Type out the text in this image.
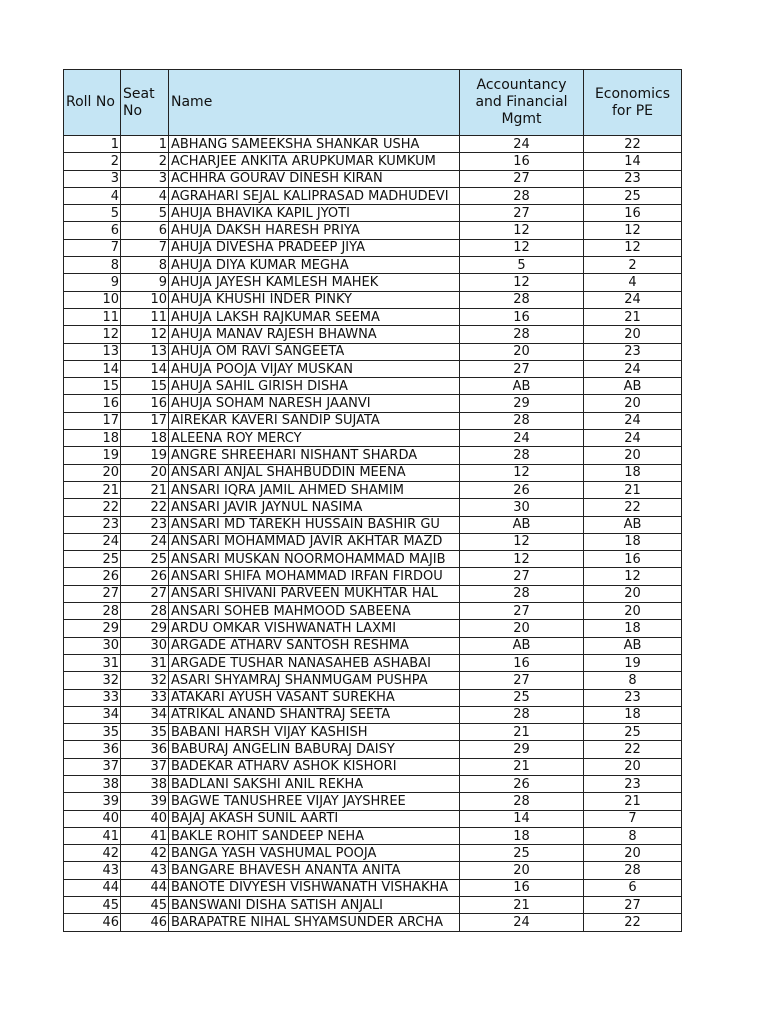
Roll No	Seat No	Name	Accountancy and Financial Mgmt	Economics for PE
1	1	ABHANG SAMEEKSHA SHANKAR USHA	24	22
2	2	ACHARJEE ANKITA ARUPKUMAR KUMKUM	16	14
3	3	ACHHRA GOURAV DINESH KIRAN	27	23
4	4	AGRAHARI SEJAL KALIPRASAD MADHUDEVI	28	25
5	5	AHUJA BHAVIKA KAPIL JYOTI	27	16
6	6	AHUJA DAKSH HARESH PRIYA	12	12
7	7	AHUJA DIVESHA PRADEEP JIYA	12	12
8	8	AHUJA DIYA KUMAR MEGHA	5	2
9	9	AHUJA JAYESH KAMLESH MAHEK	12	4
10	10	AHUJA KHUSHI INDER PINKY	28	24
11	11	AHUJA LAKSH RAJKUMAR SEEMA	16	21
12	12	AHUJA MANAV RAJESH BHAWNA	28	20
13	13	AHUJA OM RAVI SANGEETA	20	23
14	14	AHUJA POOJA VIJAY MUSKAN	27	24
15	15	AHUJA SAHIL GIRISH DISHA	AB	AB
16	16	AHUJA SOHAM NARESH JAANVI	29	20
17	17	AIREKAR KAVERI SANDIP SUJATA	28	24
18	18	ALEENA ROY MERCY	24	24
19	19	ANGRE SHREEHARI NISHANT SHARDA	28	20
20	20	ANSARI ANJAL SHAHBUDDIN MEENA	12	18
21	21	ANSARI IQRA JAMIL AHMED SHAMIM	26	21
22	22	ANSARI JAVIR JAYNUL NASIMA	30	22
23	23	ANSARI MD TAREKH HUSSAIN BASHIR GU	AB	AB
24	24	ANSARI MOHAMMAD JAVIR AKHTAR MAZD	12	18
25	25	ANSARI MUSKAN NOORMOHAMMAD MAJIB	12	16
26	26	ANSARI SHIFA MOHAMMAD IRFAN FIRDOU	27	12
27	27	ANSARI SHIVANI PARVEEN MUKHTAR HAL	28	20
28	28	ANSARI SOHEB MAHMOOD SABEENA	27	20
29	29	ARDU OMKAR VISHWANATH LAXMI	20	18
30	30	ARGADE ATHARV SANTOSH RESHMA	AB	AB
31	31	ARGADE TUSHAR NANASAHEB ASHABAI	16	19
32	32	ASARI SHYAMRAJ SHANMUGAM PUSHPA	27	8
33	33	ATAKARI AYUSH VASANT SUREKHA	25	23
34	34	ATRIKAL ANAND SHANTRAJ SEETA	28	18
35	35	BABANI HARSH VIJAY KASHISH	21	25
36	36	BABURAJ ANGELIN BABURAJ DAISY	29	22
37	37	BADEKAR ATHARV ASHOK KISHORI	21	20
38	38	BADLANI SAKSHI ANIL REKHA	26	23
39	39	BAGWE TANUSHREE VIJAY JAYSHREE	28	21
40	40	BAJAJ AKASH SUNIL AARTI	14	7
41	41	BAKLE ROHIT SANDEEP NEHA	18	8
42	42	BANGA YASH VASHUMAL POOJA	25	20
43	43	BANGARE BHAVESH ANANTA ANITA	20	28
44	44	BANOTE DIVYESH VISHWANATH VISHAKHA	16	6
45	45	BANSWANI DISHA SATISH ANJALI	21	27
46	46	BARAPATRE NIHAL SHYAMSUNDER ARCHA	24	22
